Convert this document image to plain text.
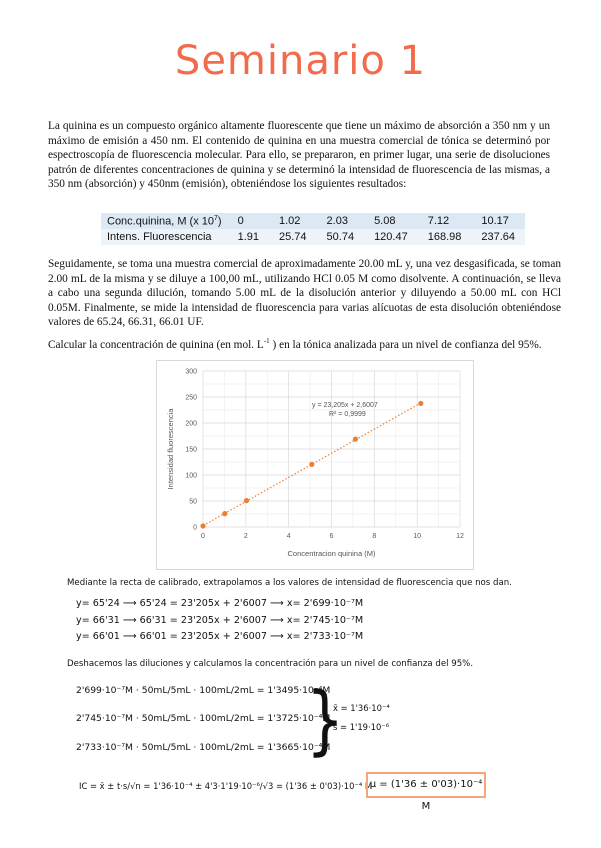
Seminario 1

La quinina es un compuesto orgánico altamente fluorescente que tiene un máximo de absorción a 350 nm y un máximo de emisión a 450 nm. El contenido de quinina en una muestra comercial de tónica se determinó por espectroscopía de fluorescencia molecular. Para ello, se prepararon, en primer lugar, una serie de disoluciones patrón de diferentes concentraciones de quinina y se determinó la intensidad de fluorescencia de las mismas, a 350 nm (absorción) y 450nm (emisión), obteniéndose los siguientes resultados:

Conc.quinina, M (x $10^7$)	0	1.02	2.03	5.08	7.12	10.17
Intens. Fluorescencia	1.91	25.74	50.74	120.47	168.98	237.64

Seguidamente, se toma una muestra comercial de aproximadamente 20.00 mL y, una vez desgasificada, se toman 2.00 mL de la misma y se diluye a 100,00 mL, utilizando HCl 0.05 M como disolvente. A continuación, se lleva a cabo una segunda dilución, tomando 5.00 mL de la disolución anterior y diluyendo a 50.00 mL con HCl 0.05M. Finalmente, se mide la intensidad de fluorescencia para varias alícuotas de esta disolución obteniéndose valores de 65.24, 66.31, 66.01 UF.

Calcular la concentración de quinina (en mol. $L^{-1}$ ) en la tónica analizada para un nivel de confianza del 95%.

0	2	4	6	8	10	12
0
50
100
150
200
250
300
y = 23,205x + 2,6007
R² = 0,9999
Concentracion quinina (M)
Intensidad fluorescencia
Mediante la recta de calibrado, extrapolamos a los valores de intensidad de fluorescencia que nos dan.
y= 65'24 ⟶ 65'24 = 23'205x + 2'6007 ⟶ x= 2'699·10⁻⁷M
y= 66'31 ⟶ 66'31 = 23'205x + 2'6007 ⟶ x= 2'745·10⁻⁷M
y= 66'01 ⟶ 66'01 = 23'205x + 2'6007 ⟶ x= 2'733·10⁻⁷M
Deshacemos las diluciones y calculamos la concentración para un nivel de confianza del 95%.
2'699·10⁻⁷M · 50mL/5mL · 100mL/2mL = 1'3495·10⁻⁴M
2'745·10⁻⁷M · 50mL/5mL · 100mL/2mL = 1'3725·10⁻⁴M
2'733·10⁻⁷M · 50mL/5mL · 100mL/2mL = 1'3665·10⁻⁴M
}
x̄ = 1'36·10⁻⁴
s = 1'19·10⁻⁶
IC = x̄ ± t·s/√n = 1'36·10⁻⁴ ± 4'3·1'19·10⁻⁶/√3 = (1'36 ± 0'03)·10⁻⁴ M
μ = (1'36 ± 0'03)·10⁻⁴ M
